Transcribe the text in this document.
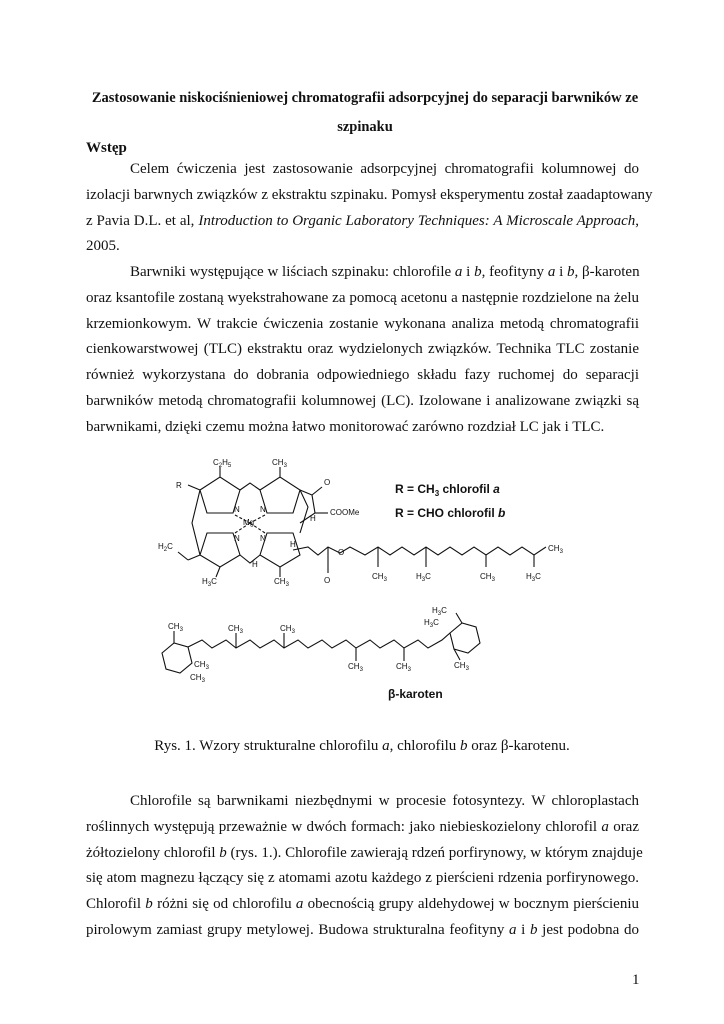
Zastosowanie niskociśnieniowej chromatografii adsorpcyjnej do separacji barwników ze
szpinaku
Wstęp
Celem ćwiczenia jest zastosowanie adsorpcyjnej chromatografii kolumnowej do
izolacji barwnych związków z ekstraktu szpinaku. Pomysł eksperymentu został zaadaptowany
z Pavia D.L. et al, Introduction to Organic Laboratory Techniques: A Microscale Approach,
2005.
Barwniki występujące w liściach szpinaku: chlorofile a i b, feofityny a i b, β-karoten
oraz ksantofile zostaną wyekstrahowane za pomocą acetonu a następnie rozdzielone na żelu
krzemionkowym. W trakcie ćwiczenia zostanie wykonana analiza metodą chromatografii
cienkowarstwowej (TLC) ekstraktu oraz wydzielonych związków. Technika TLC zostanie
również wykorzystana do dobrania odpowiedniego składu fazy ruchomej do separacji
barwników metodą chromatografii kolumnowej (LC). Izolowane i analizowane związki są
barwnikami, dzięki czemu można łatwo monitorować zarówno rozdział LC jak i TLC.
R
$C_2H_5$	$CH_3$
O
COOMe
Mg
N	N
N	N
H
H
H
$H_2C$
$H_3C$	$CH_3$	O
O
$CH_3$	$H_3C$	$CH_3$	$H_3C$
$CH_3$
$R = CH_3$ chlorofil a
R = CHO chlorofil b
$CH_3$
$CH_3$
$CH_3$
$CH_3$	$CH_3$
$CH_3$	$CH_3$	$CH_3$
$H_3C$
$H_3C$
β-karoten
Rys. 1. Wzory strukturalne chlorofilu a, chlorofilu b oraz β-karotenu.
Chlorofile są barwnikami niezbędnymi w procesie fotosyntezy. W chloroplastach
roślinnych występują przeważnie w dwóch formach: jako niebieskozielony chlorofil a oraz
żółtozielony chlorofil b (rys. 1.). Chlorofile zawierają rdzeń porfirynowy, w którym znajduje
się atom magnezu łączący się z atomami azotu każdego z pierścieni rdzenia porfirynowego.
Chlorofil b różni się od chlorofilu a obecnością grupy aldehydowej w bocznym pierścieniu
pirolowym zamiast grupy metylowej. Budowa strukturalna feofityny a i b jest podobna do
1
